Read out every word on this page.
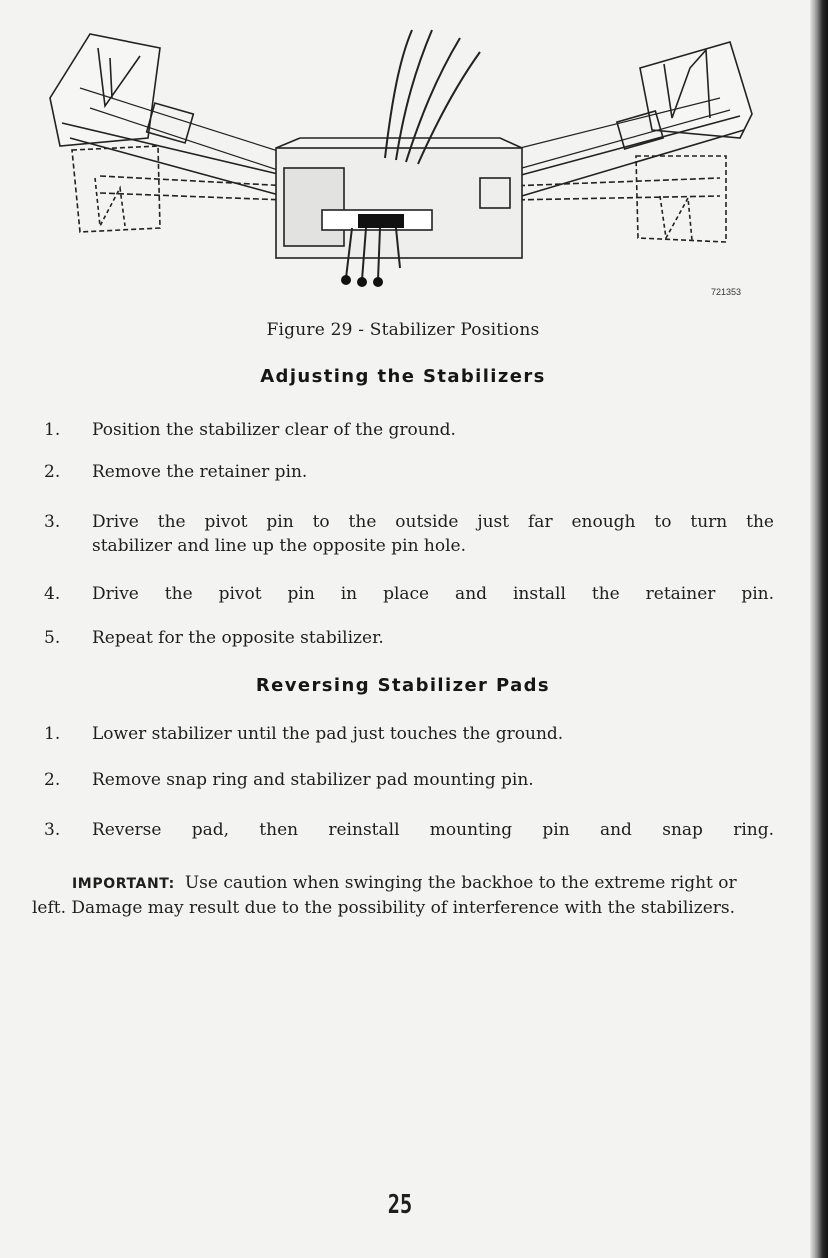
721353
Figure 29 - Stabilizer Positions
Adjusting the Stabilizers
1. Position the stabilizer clear of the ground.
2. Remove the retainer pin.
3. Drive the pivot pin to the outside just far enough to turn the
stabilizer and line up the opposite pin hole.
4. Drive the pivot pin in place and install the retainer pin.
5. Repeat for the opposite stabilizer.
Reversing Stabilizer Pads
1. Lower stabilizer until the pad just touches the ground.
2. Remove snap ring and stabilizer pad mounting pin.
3. Reverse pad, then reinstall mounting pin and snap ring.
IMPORTANT: Use caution when swinging the backhoe to the extreme right or left. Damage may result due to the possibility of interference with the stabilizers.
25
